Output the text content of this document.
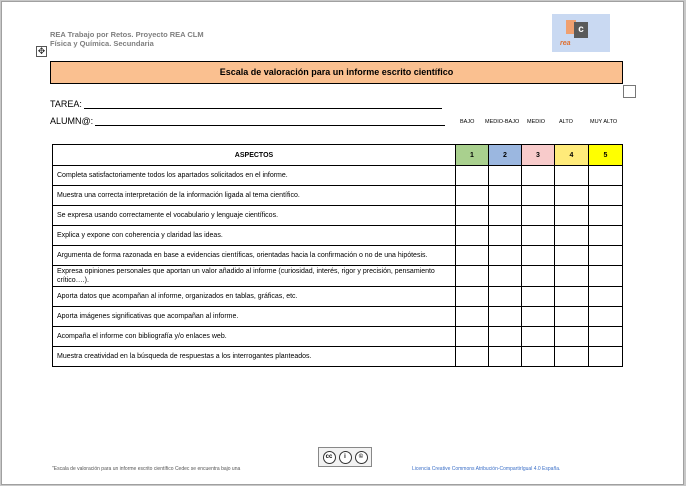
REA Trabajo por Retos. Proyecto REA CLM
Física y Química. Secundaria
c
rea
✥
Escala de valoración para un informe escrito científico
TAREA:
ALUMN@:	BAJO MEDIO-BAJO MEDIO	ALTO	MUY ALTO
ASPECTOS	1	2	3	4	5
Completa satisfactoriamente todos los apartados solicitados en el informe.					
Muestra una correcta interpretación de la información ligada al tema científico.					
Se expresa usando correctamente el vocabulario y lenguaje científicos.					
Explica y expone con coherencia y claridad las ideas.					
Argumenta de forma razonada en base a evidencias científicas, orientadas hacia la confirmación o no de una hipótesis.					
Expresa opiniones personales que aportan un valor añadido al informe (curiosidad, interés, rigor y precisión, pensamiento crítico….).					
Aporta datos que acompañan al informe, organizados en tablas, gráficas, etc.					
Aporta imágenes significativas que acompañan al informe.					
Acompaña el informe con bibliografía y/o enlaces web.					
Muestra creatividad en la búsqueda de respuestas a los interrogantes planteados.					
cc	i	©
"Escala de valoración para un informe escrito científico Cedec se encuentra bajo una	Licencia Creative Commons Atribución-CompartirIgual 4.0 España.
